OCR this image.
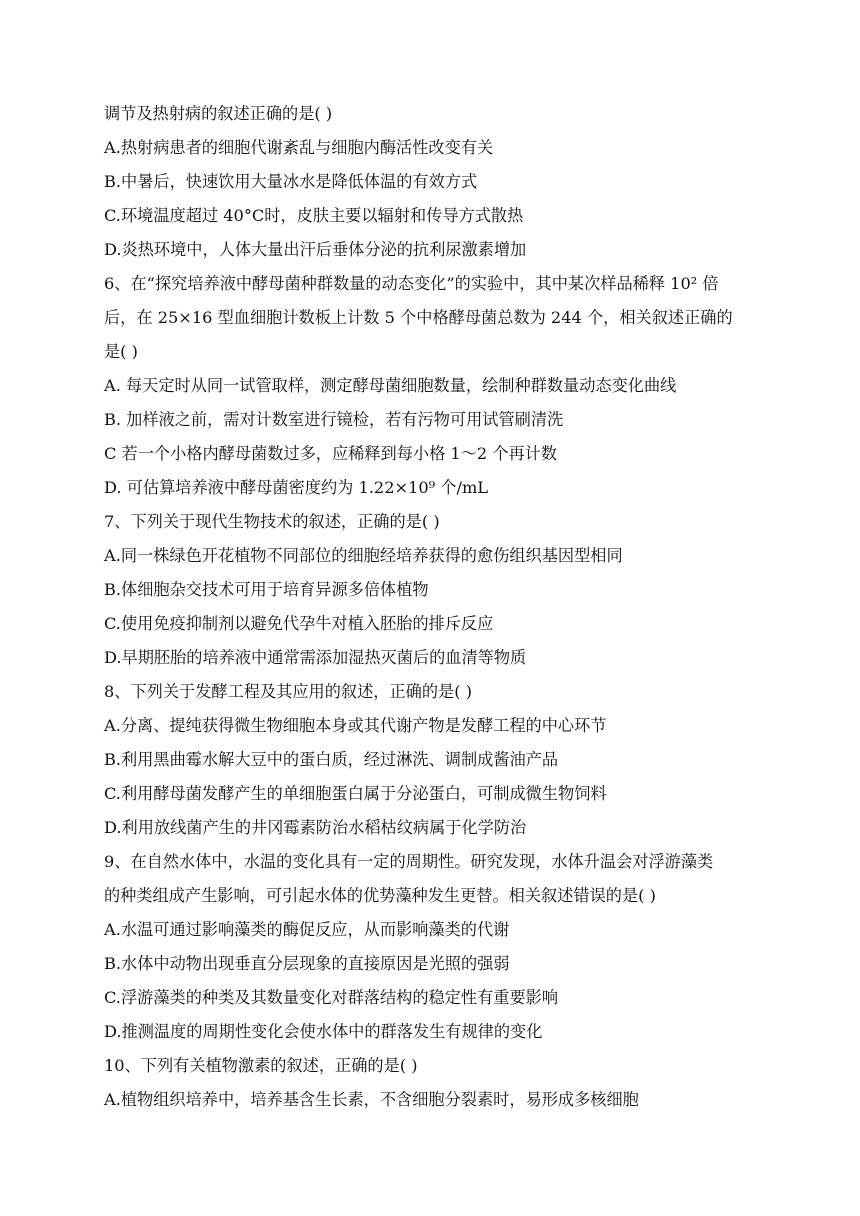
调节及热射病的叙述正确的是( )
A.热射病患者的细胞代谢紊乱与细胞内酶活性改变有关
B.中暑后，快速饮用大量冰水是降低体温的有效方式
C.环境温度超过 40°C时，皮肤主要以辐射和传导方式散热
D.炎热环境中，人体大量出汗后垂体分泌的抗利尿激素增加
6、在“探究培养液中酵母菌种群数量的动态变化”的实验中，其中某次样品稀释 10² 倍
后，在 25×16 型血细胞计数板上计数 5 个中格酵母菌总数为 244 个，相关叙述正确的
是( )
A. 每天定时从同一试管取样，测定酵母菌细胞数量，绘制种群数量动态变化曲线
B. 加样液之前，需对计数室进行镜检，若有污物可用试管刷清洗
C 若一个小格内酵母菌数过多，应稀释到每小格 1～2 个再计数
D. 可估算培养液中酵母菌密度约为 1.22×10⁹ 个/mL
7、下列关于现代生物技术的叙述，正确的是( )
A.同一株绿色开花植物不同部位的细胞经培养获得的愈伤组织基因型相同
B.体细胞杂交技术可用于培育异源多倍体植物
C.使用免疫抑制剂以避免代孕牛对植入胚胎的排斥反应
D.早期胚胎的培养液中通常需添加湿热灭菌后的血清等物质
8、下列关于发酵工程及其应用的叙述，正确的是( )
A.分离、提纯获得微生物细胞本身或其代谢产物是发酵工程的中心环节
B.利用黑曲霉水解大豆中的蛋白质，经过淋洗、调制成酱油产品
C.利用酵母菌发酵产生的单细胞蛋白属于分泌蛋白，可制成微生物饲料
D.利用放线菌产生的井冈霉素防治水稻枯纹病属于化学防治
9、在自然水体中，水温的变化具有一定的周期性。研究发现，水体升温会对浮游藻类
的种类组成产生影响，可引起水体的优势藻种发生更替。相关叙述错误的是( )
A.水温可通过影响藻类的酶促反应，从而影响藻类的代谢
B.水体中动物出现垂直分层现象的直接原因是光照的强弱
C.浮游藻类的种类及其数量变化对群落结构的稳定性有重要影响
D.推测温度的周期性变化会使水体中的群落发生有规律的变化
10、下列有关植物激素的叙述，正确的是( )
A.植物组织培养中，培养基含生长素，不含细胞分裂素时，易形成多核细胞
